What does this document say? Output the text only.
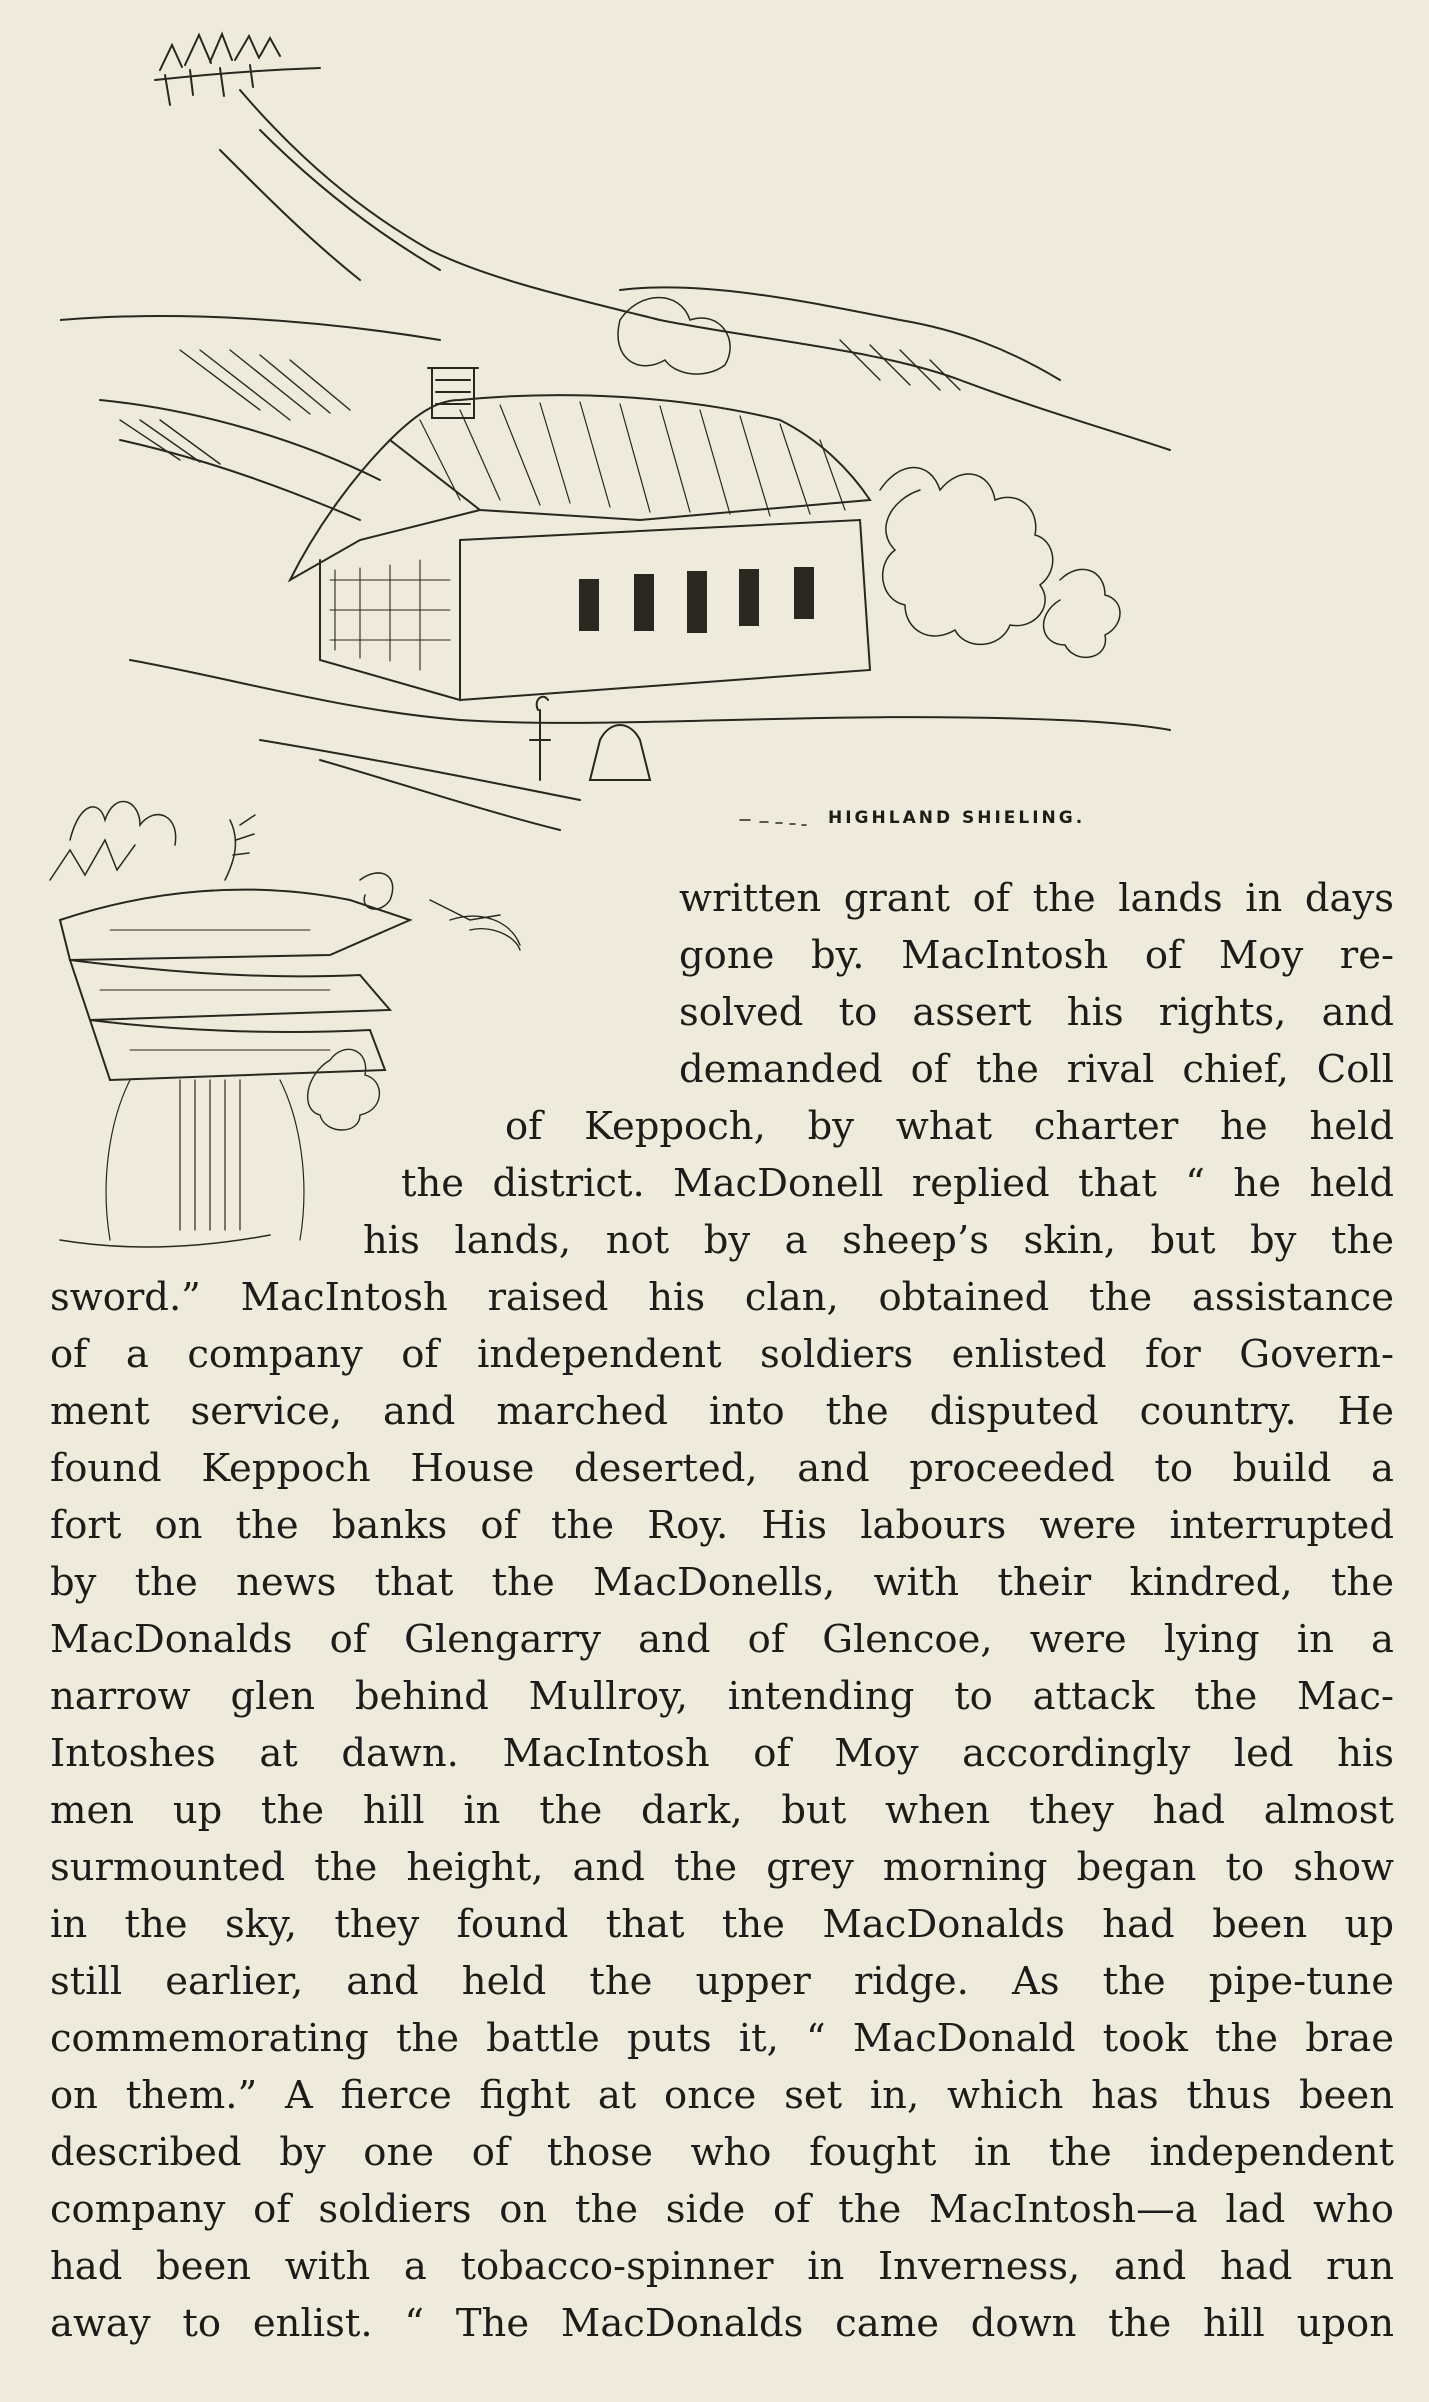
HIGHLAND SHIELING.
written grant of the lands in days
gone by. MacIntosh of Moy re-
solved to assert his rights, and
demanded of the rival chief, Coll
of Keppoch, by what charter he held
the district. MacDonell replied that “ he held
his lands, not by a sheep’s skin, but by the
sword.” MacIntosh raised his clan, obtained the assistance
of a company of independent soldiers enlisted for Govern-
ment service, and marched into the disputed country. He
found Keppoch House deserted, and proceeded to build a
fort on the banks of the Roy. His labours were interrupted
by the news that the MacDonells, with their kindred, the
MacDonalds of Glengarry and of Glencoe, were lying in a
narrow glen behind Mullroy, intending to attack the Mac-
Intoshes at dawn. MacIntosh of Moy accordingly led his
men up the hill in the dark, but when they had almost
surmounted the height, and the grey morning began to show
in the sky, they found that the MacDonalds had been up
still earlier, and held the upper ridge. As the pipe-tune
commemorating the battle puts it, “ MacDonald took the brae
on them.” A fierce fight at once set in, which has thus been
described by one of those who fought in the independent
company of soldiers on the side of the MacIntosh—a lad who
had been with a tobacco-spinner in Inverness, and had run
away to enlist. “ The MacDonalds came down the hill upon
